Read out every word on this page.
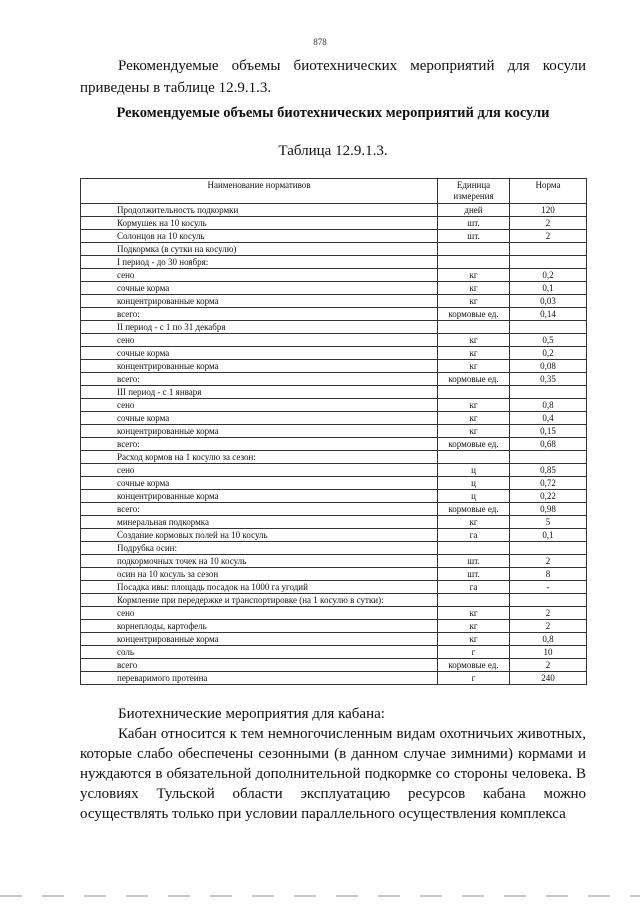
878

Рекомендуемые объемы биотехнических мероприятий для косули приведены в таблице 12.9.1.3.

Рекомендуемые объемы биотехнических мероприятий для косули

Таблица 12.9.1.3.

Наименование нормативов	Единица измерения	Норма
Продолжительность подкормки	дней	120
Кормушек на 10 косуль	шт.	2
Солонцов на 10 косуль	шт.	2
Подкормка (в сутки на косулю)		
I период - до 30 ноября:		
сено	кг	0,2
сочные корма	кг	0,1
концентрированные корма	кг	0,03
всего:	кормовые ед.	0,14
II период - с 1 по 31 декабря		
сено	кг	0,5
сочные корма	кг	0,2
концентрированные корма	кг	0,08
всего:	кормовые ед.	0,35
III период - с 1 января		
сено	кг	0,8
сочные корма	кг	0,4
концентрированные корма	кг	0,15
всего:	кормовые ед.	0,68
Расход кормов на 1 косулю за сезон:		
сено	ц	0,85
сочные корма	ц	0,72
концентрированные корма	ц	0,22
всего:	кормовые ед.	0,98
минеральная подкормка	кг	5
Создание кормовых полей на 10 косуль	га	0,1
Подрубка осин:		
подкормочных точек на 10 косуль	шт.	2
осин на 10 косуль за сезон	шт.	8
Посадка ивы: площадь посадок на 1000 га угодий	га	-
Кормление при передержке и транспортировке (на 1 косулю в сутки):		
сено	кг	2
корнеплоды, картофель	кг	2
концентрированные корма	кг	0,8
соль	г	10
всего	кормовые ед.	2
переваримого протеина	г	240

Биотехнические мероприятия для кабана:

Кабан относится к тем немногочисленным видам охотничьих животных, которые слабо обеспечены сезонными (в данном случае зимними) кормами и нуждаются в обязательной дополнительной подкормке со стороны человека. В условиях Тульской области эксплуатацию ресурсов кабана можно осуществлять только при условии параллельного осуществления комплекса
